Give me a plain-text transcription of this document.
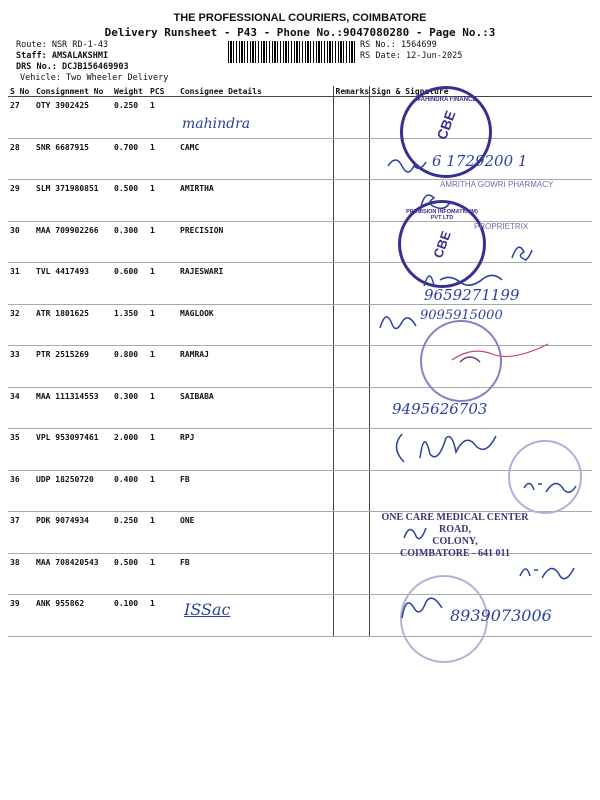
THE PROFESSIONAL COURIERS, COIMBATORE
Delivery Runsheet - P43 - Phone No.:9047080280 - Page No.:3
Route: NSR RD-1-43
Staff: AMSALAKSHMI
DRS No.: DCJB156469903
Vehicle: Two Wheeler Delivery
RS No.: 1564699
RS Date: 12-Jun-2025
S No	Consignment No	Weight	PCS	Consignee Details	Remarks	Sign & Signature
27	OTY 3902425	0.250	1			
28	SNR 6687915	0.700	1	CAMC		
29	SLM 371980851	0.500	1	AMIRTHA		
30	MAA 709902266	0.300	1	PRECISION		
31	TVL 4417493	0.600	1	RAJESWARI		
32	ATR 1801625	1.350	1	MAGLOOK		
33	PTR 2515269	0.800	1	RAMRAJ		
34	MAA 111314553	0.300	1	SAIBABA		
35	VPL 953097461	2.000	1	RPJ		
36	UDP 18250720	0.400	1	FB		
37	PDK 9074934	0.250	1	ONE		
38	MAA 708420543	0.500	1	FB		
39	ANK 955862	0.100	1			
mahindra
ISSac
MAHINDRA FINANCE
CBE
AMRITHA GOWRI PHARMACY
PRECISION INFOMATIC (M) PVT LTD
CBE
PROPRIETRIX
ONE CARE MEDICAL CENTER
ROAD,
COLONY,
COIMBATORE - 641 011
6 1729200 1
9659271199
9095915000
9495626703
8939073006
